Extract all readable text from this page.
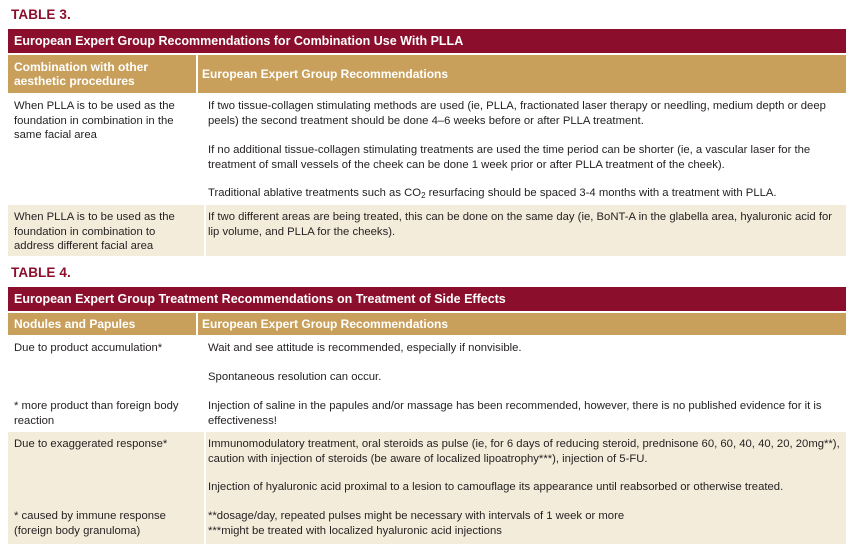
TABLE 3.
European Expert Group Recommendations for Combination Use With PLLA
Combination with other aesthetic procedures	European Expert Group Recommendations
When PLLA is to be used as the foundation in combination in the same facial area

If two tissue-collagen stimulating methods are used (ie, PLLA, fractionated laser therapy or needling, medium depth or deep peels) the second treatment should be done 4–6 weeks before or after PLLA treatment.

If no additional tissue-collagen stimulating treatments are used the time period can be shorter (ie, a vascular laser for the treatment of small vessels of the cheek can be done 1 week prior or after PLLA treatment of the cheek).

Traditional ablative treatments such as $CO_2$ resurfacing should be spaced 3-4 months with a treatment with PLLA.

When PLLA is to be used as the foundation in combination to address different facial area

If two different areas are being treated, this can be done on the same day (ie, BoNT-A in the glabella area, hyaluronic acid for lip volume, and PLLA for the cheeks).

TABLE 4.
European Expert Group Treatment Recommendations on Treatment of Side Effects
Nodules and Papules	European Expert Group Recommendations

Due to product accumulation*

* more product than foreign body reaction

Wait and see attitude is recommended, especially if nonvisible.

Spontaneous resolution can occur.

Injection of saline in the papules and/or massage has been recommended, however, there is no published evidence for it is effectiveness!

Due to exaggerated response*

* caused by immune response (foreign body granuloma)

Immunomodulatory treatment, oral steroids as pulse (ie, for 6 days of reducing steroid, prednisone 60, 60, 40, 40, 20, 20mg**), caution with injection of steroids (be aware of localized lipoatrophy***), injection of 5-FU.

Injection of hyaluronic acid proximal to a lesion to camouflage its appearance until reabsorbed or otherwise treated.

**dosage/day, repeated pulses might be necessary with intervals of 1 week or more

***might be treated with localized hyaluronic acid injections
